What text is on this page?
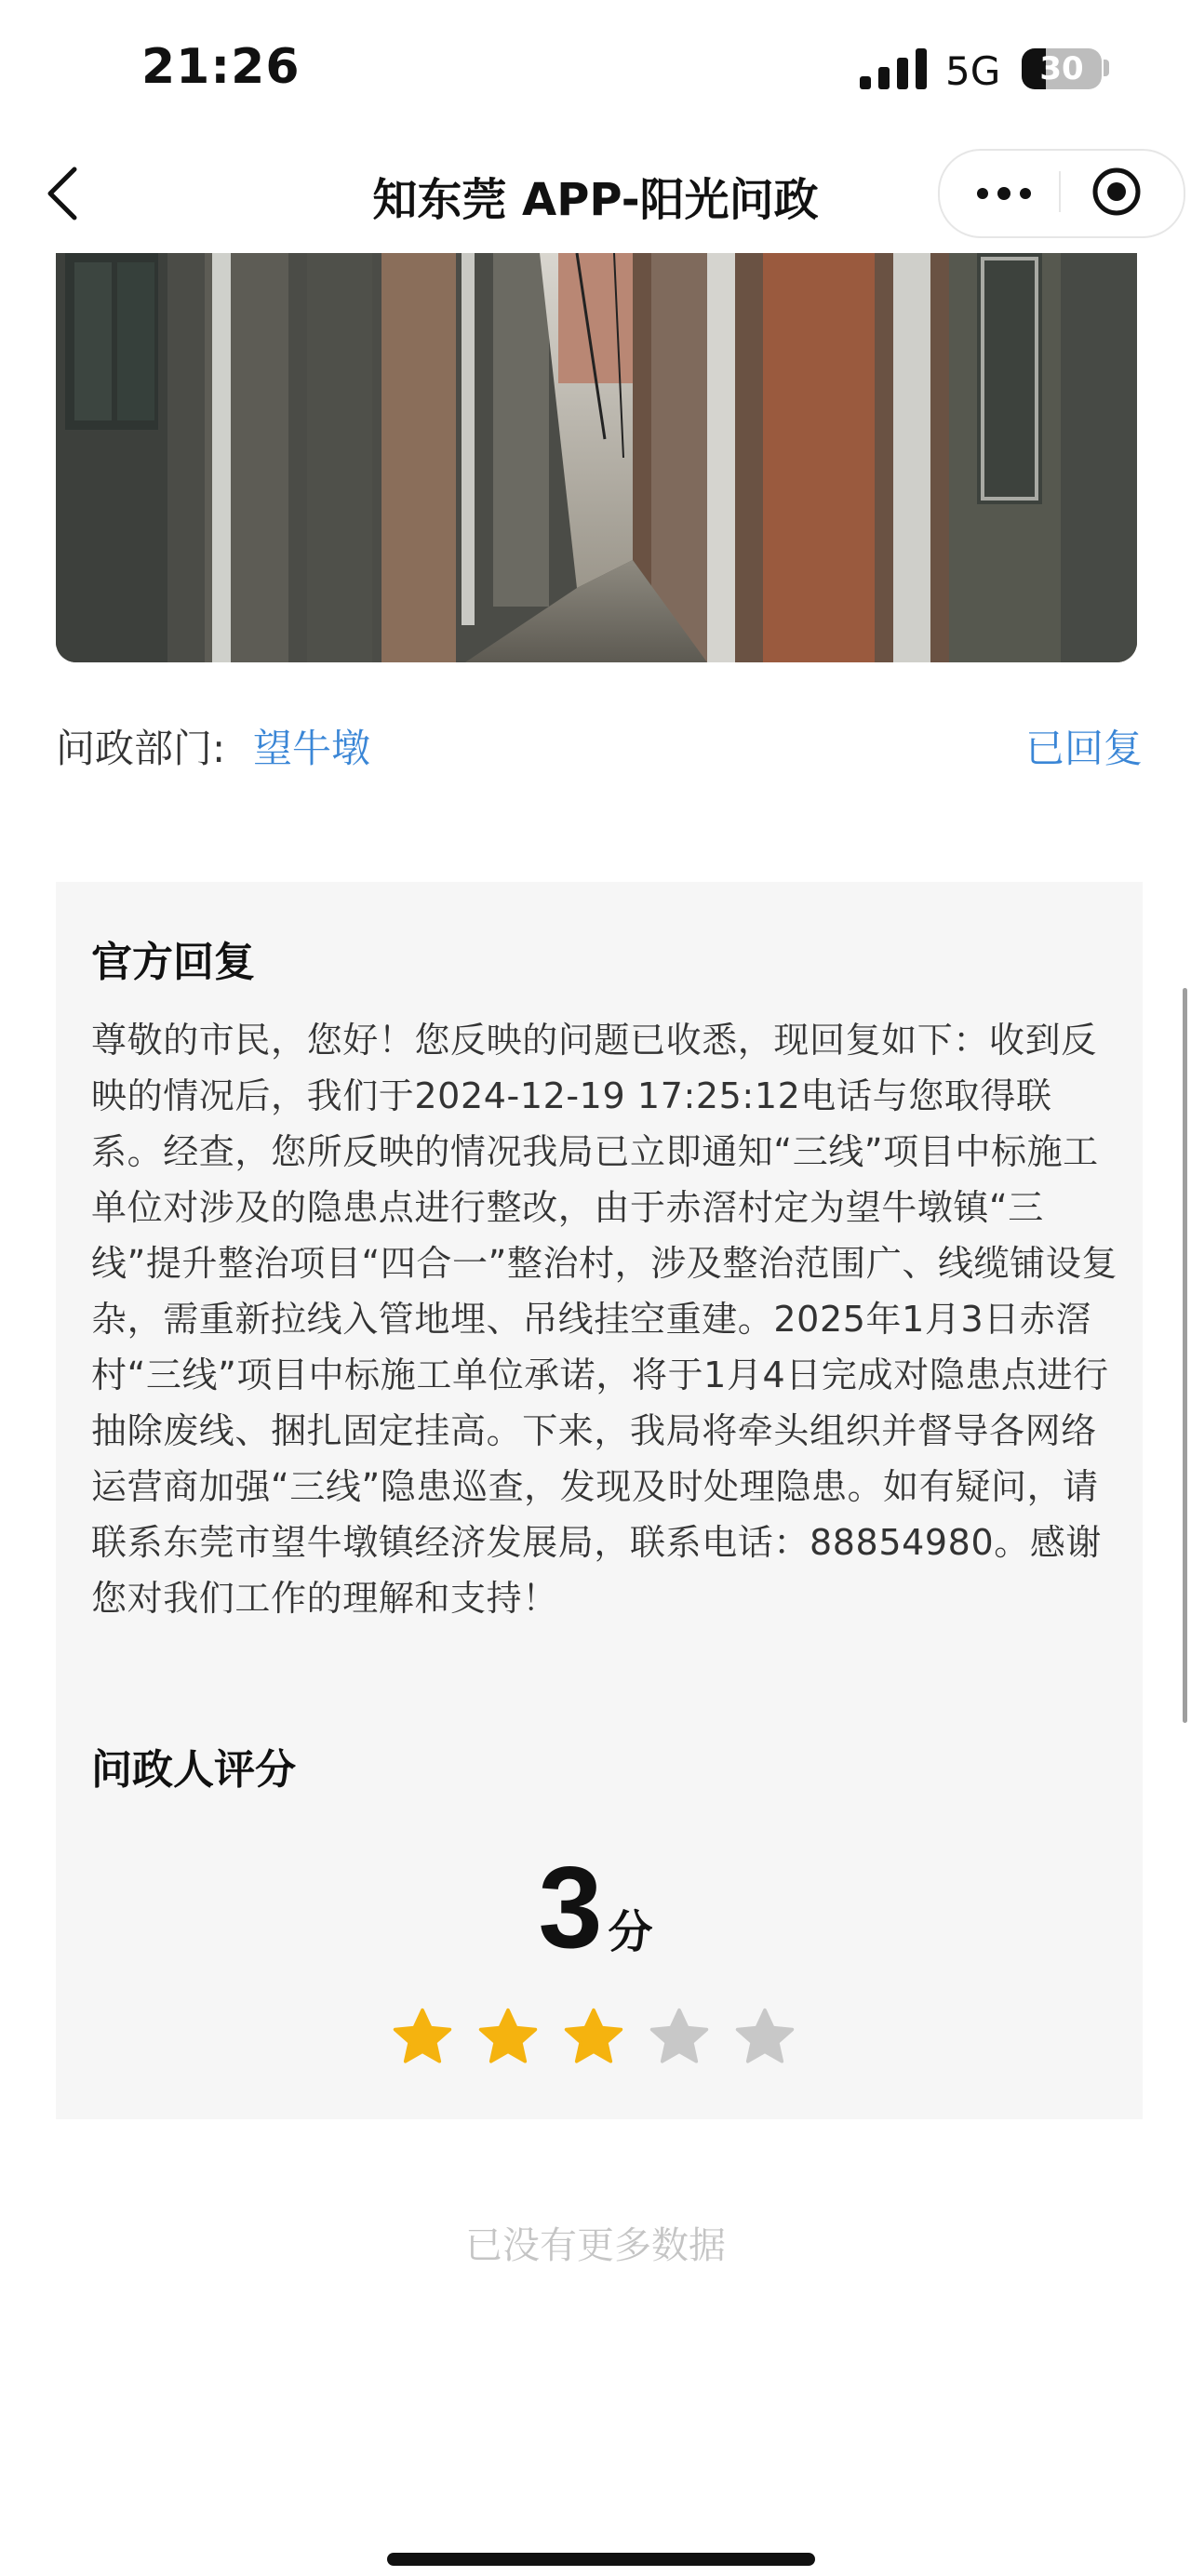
21:26	5G	30
知东莞 APP-阳光问政
问政部门: 望牛墩	已回复
官方回复
尊敬的市民，您好！您反映的问题已收悉，现回复如下：收到反映的情况后，我们于2024-12-19 17:25:12电话与您取得联系。经查，您所反映的情况我局已立即通知“三线”项目中标施工单位对涉及的隐患点进行整改，由于赤滘村定为望牛墩镇“三线”提升整治项目“四合一”整治村，涉及整治范围广、线缆铺设复杂，需重新拉线入管地埋、吊线挂空重建。2025年1月3日赤滘村“三线”项目中标施工单位承诺，将于1月4日完成对隐患点进行抽除废线、捆扎固定挂高。下来，我局将牵头组织并督导各网络运营商加强“三线”隐患巡查，发现及时处理隐患。如有疑问，请联系东莞市望牛墩镇经济发展局，联系电话：88854980。感谢您对我们工作的理解和支持！
问政人评分
3 分
已没有更多数据
